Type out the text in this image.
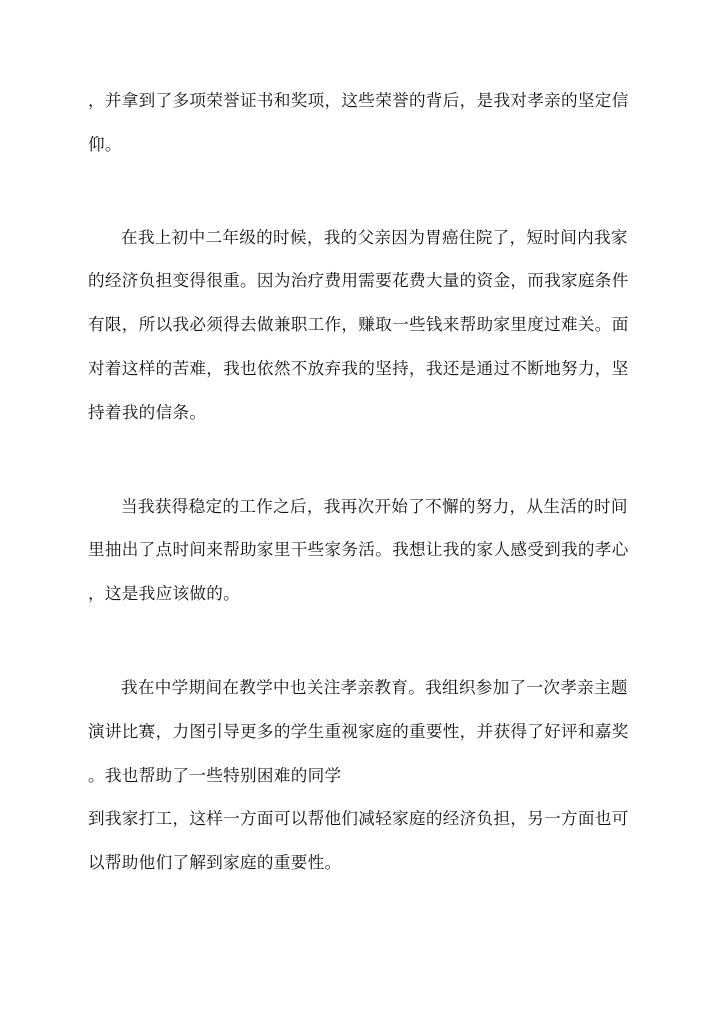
，并拿到了多项荣誉证书和奖项，这些荣誉的背后，是我对孝亲的坚定信
仰。
在我上初中二年级的时候，我的父亲因为胃癌住院了，短时间内我家
的经济负担变得很重。因为治疗费用需要花费大量的资金，而我家庭条件
有限，所以我必须得去做兼职工作，赚取一些钱来帮助家里度过难关。面
对着这样的苦难，我也依然不放弃我的坚持，我还是通过不断地努力，坚
持着我的信条。
当我获得稳定的工作之后，我再次开始了不懈的努力，从生活的时间
里抽出了点时间来帮助家里干些家务活。我想让我的家人感受到我的孝心
，这是我应该做的。
我在中学期间在教学中也关注孝亲教育。我组织参加了一次孝亲主题
演讲比赛，力图引导更多的学生重视家庭的重要性，并获得了好评和嘉奖
。我也帮助了一些特别困难的同学
到我家打工，这样一方面可以帮他们减轻家庭的经济负担，另一方面也可
以帮助他们了解到家庭的重要性。
